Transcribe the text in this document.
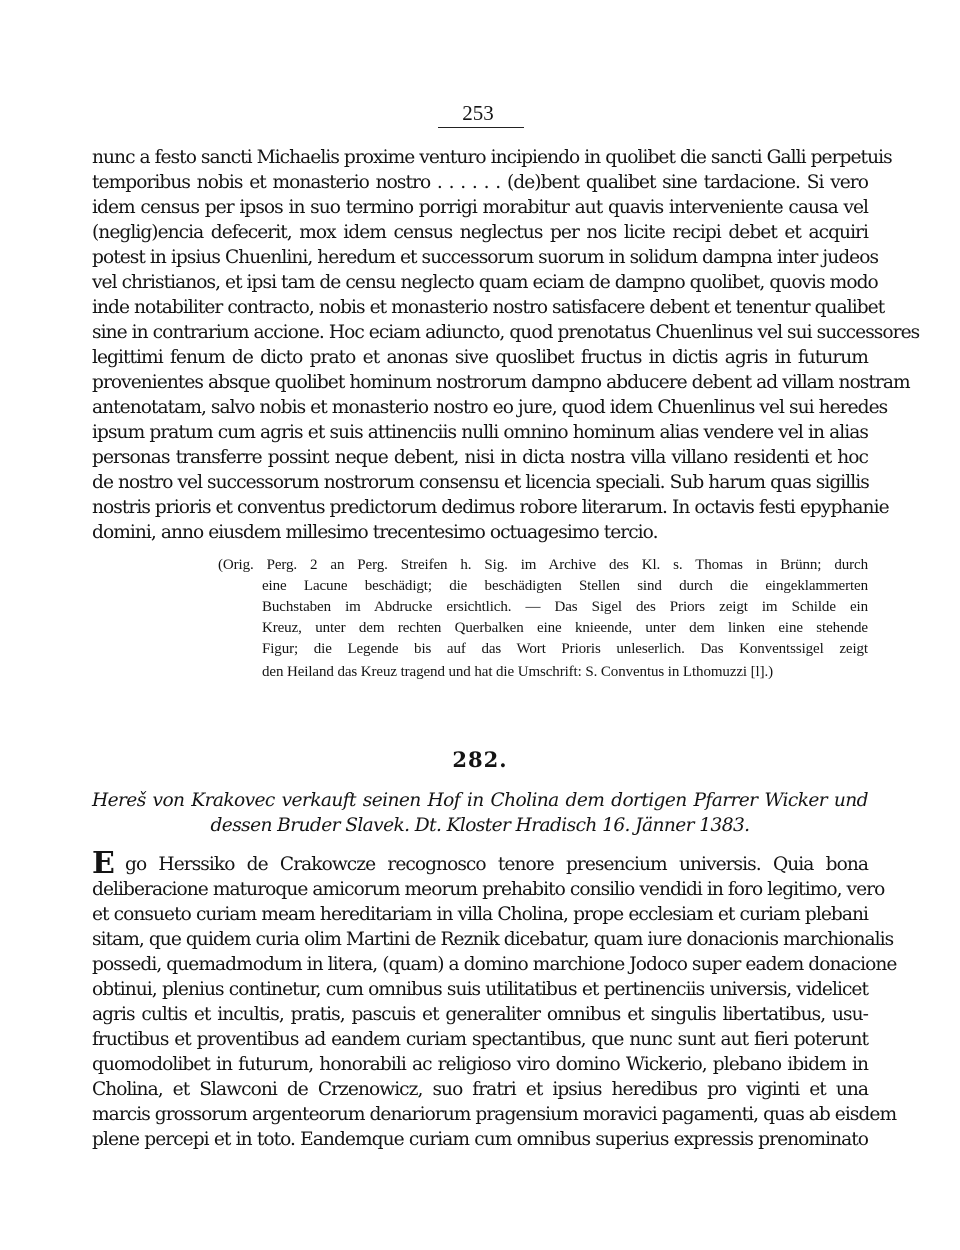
253
nunc a festo sancti Michaelis proxime venturo incipiendo in quolibet die sancti Galli perpetuis
temporibus nobis et monasterio nostro . . . . . . (de)bent qualibet sine tardacione. Si vero
idem census per ipsos in suo termino porrigi morabitur aut quavis interveniente causa vel
(neglig)encia defecerit, mox idem census neglectus per nos licite recipi debet et acquiri
potest in ipsius Chuenlini, heredum et successorum suorum in solidum dampna inter judeos
vel christianos, et ipsi tam de censu neglecto quam eciam de dampno quolibet, quovis modo
inde notabiliter contracto, nobis et monasterio nostro satisfacere debent et tenentur qualibet
sine in contrarium accione. Hoc eciam adiuncto, quod prenotatus Chuenlinus vel sui successores
legittimi fenum de dicto prato et anonas sive quoslibet fructus in dictis agris in futurum
provenientes absque quolibet hominum nostrorum dampno abducere debent ad villam nostram
antenotatam, salvo nobis et monasterio nostro eo jure, quod idem Chuenlinus vel sui heredes
ipsum pratum cum agris et suis attinenciis nulli omnino hominum alias vendere vel in alias
personas transferre possint neque debent, nisi in dicta nostra villa villano residenti et hoc
de nostro vel successorum nostrorum consensu et licencia speciali. Sub harum quas sigillis
nostris prioris et conventus predictorum dedimus robore literarum. In octavis festi epyphanie
domini, anno eiusdem millesimo trecentesimo octuagesimo tercio.
(Orig. Perg. 2 an Perg. Streifen h. Sig. im Archive des Kl. s. Thomas in Brünn; durch
eine Lacune beschädigt; die beschädigten Stellen sind durch die eingeklammerten
Buchstaben im Abdrucke ersichtlich. — Das Sigel des Priors zeigt im Schilde ein
Kreuz, unter dem rechten Querbalken eine knieende, unter dem linken eine stehende
Figur; die Legende bis auf das Wort Prioris unleserlich. Das Konventssigel zeigt
den Heiland das Kreuz tragend und hat die Umschrift: S. Conventus in Lthomuzzi [l].)
282.
Hereš von Krakovec verkauft seinen Hof in Cholina dem dortigen Pfarrer Wicker und
dessen Bruder Slavek. Dt. Kloster Hradisch 16. Jänner 1383.
E go Herssiko de Crakowcze recognosco tenore presencium universis. Quia bona
deliberacione maturoque amicorum meorum prehabito consilio vendidi in foro legitimo, vero
et consueto curiam meam hereditariam in villa Cholina, prope ecclesiam et curiam plebani
sitam, que quidem curia olim Martini de Reznik dicebatur, quam iure donacionis marchionalis
possedi, quemadmodum in litera, (quam) a domino marchione Jodoco super eadem donacione
obtinui, plenius continetur, cum omnibus suis utilitatibus et pertinenciis universis, videlicet
agris cultis et incultis, pratis, pascuis et generaliter omnibus et singulis libertatibus, usu-
fructibus et proventibus ad eandem curiam spectantibus, que nunc sunt aut fieri poterunt
quomodolibet in futurum, honorabili ac religioso viro domino Wickerio, plebano ibidem in
Cholina, et Slawconi de Crzenowicz, suo fratri et ipsius heredibus pro viginti et una
marcis grossorum argenteorum denariorum pragensium moravici pagamenti, quas ab eisdem
plene percepi et in toto. Eandemque curiam cum omnibus superius expressis prenominato
